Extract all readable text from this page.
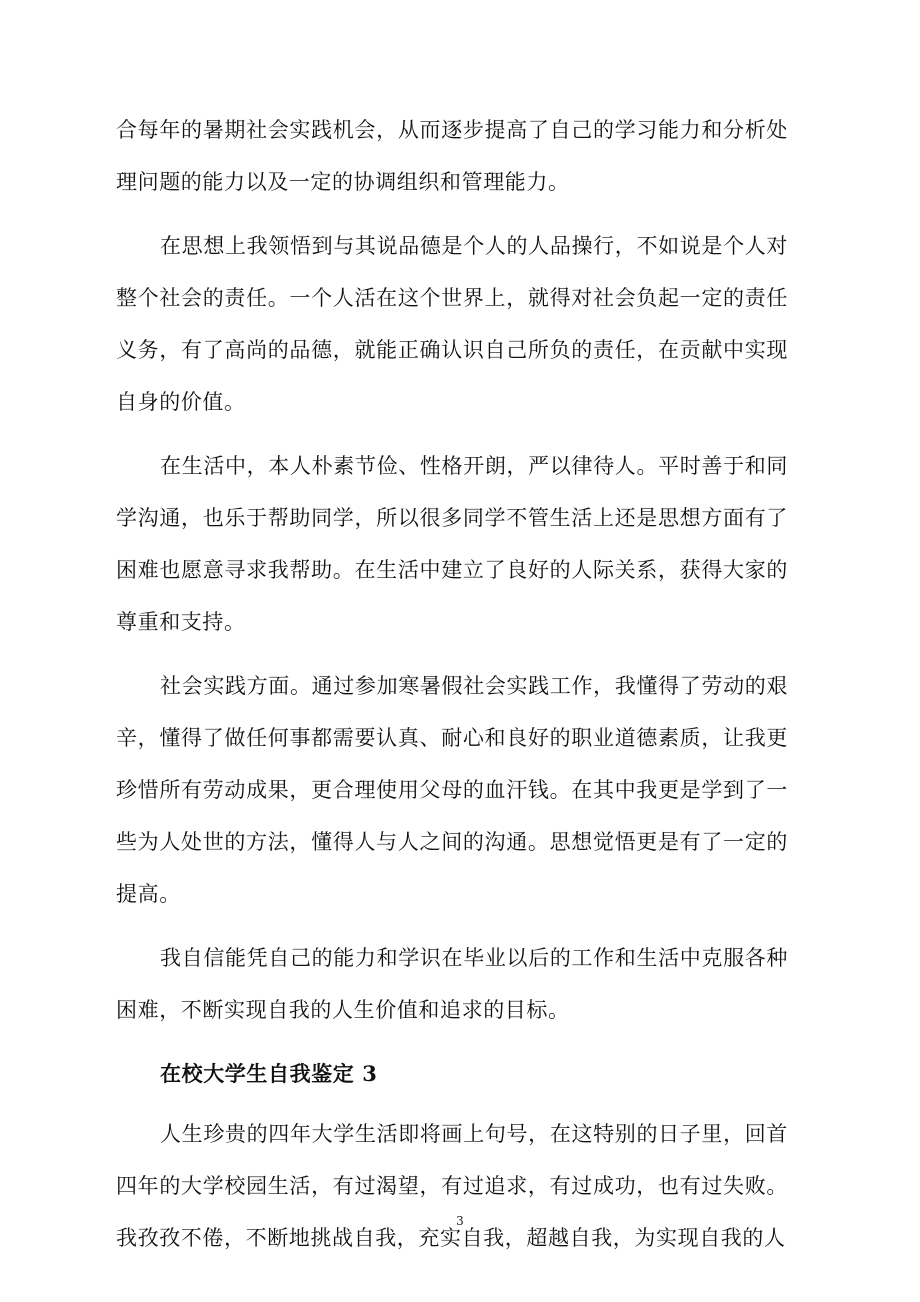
合每年的暑期社会实践机会，从而逐步提高了自己的学习能力和分析处理问题的能力以及一定的协调组织和管理能力。

在思想上我领悟到与其说品德是个人的人品操行，不如说是个人对整个社会的责任。一个人活在这个世界上，就得对社会负起一定的责任义务，有了高尚的品德，就能正确认识自己所负的责任，在贡献中实现自身的价值。

在生活中，本人朴素节俭、性格开朗，严以律待人。平时善于和同学沟通，也乐于帮助同学，所以很多同学不管生活上还是思想方面有了困难也愿意寻求我帮助。在生活中建立了良好的人际关系，获得大家的尊重和支持。

社会实践方面。通过参加寒暑假社会实践工作，我懂得了劳动的艰辛，懂得了做任何事都需要认真、耐心和良好的职业道德素质，让我更珍惜所有劳动成果，更合理使用父母的血汗钱。在其中我更是学到了一些为人处世的方法，懂得人与人之间的沟通。思想觉悟更是有了一定的提高。

我自信能凭自己的能力和学识在毕业以后的工作和生活中克服各种困难，不断实现自我的人生价值和追求的目标。

在校大学生自我鉴定 3

人生珍贵的四年大学生活即将画上句号，在这特别的日子里，回首四年的大学校园生活，有过渴望，有过追求，有过成功，也有过失败。我孜孜不倦，不断地挑战自我，充实自我，超越自我，为实现自我的人

3
